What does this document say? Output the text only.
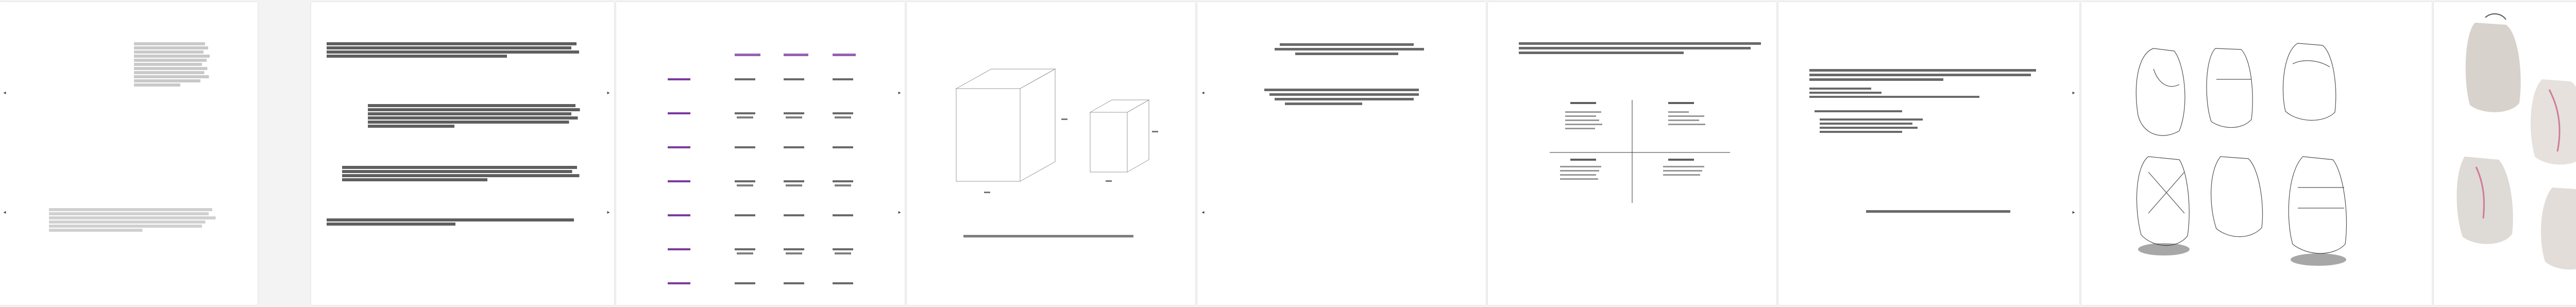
◂
◂
▸
▸
▸
▸
◂
◂
▸
▸
